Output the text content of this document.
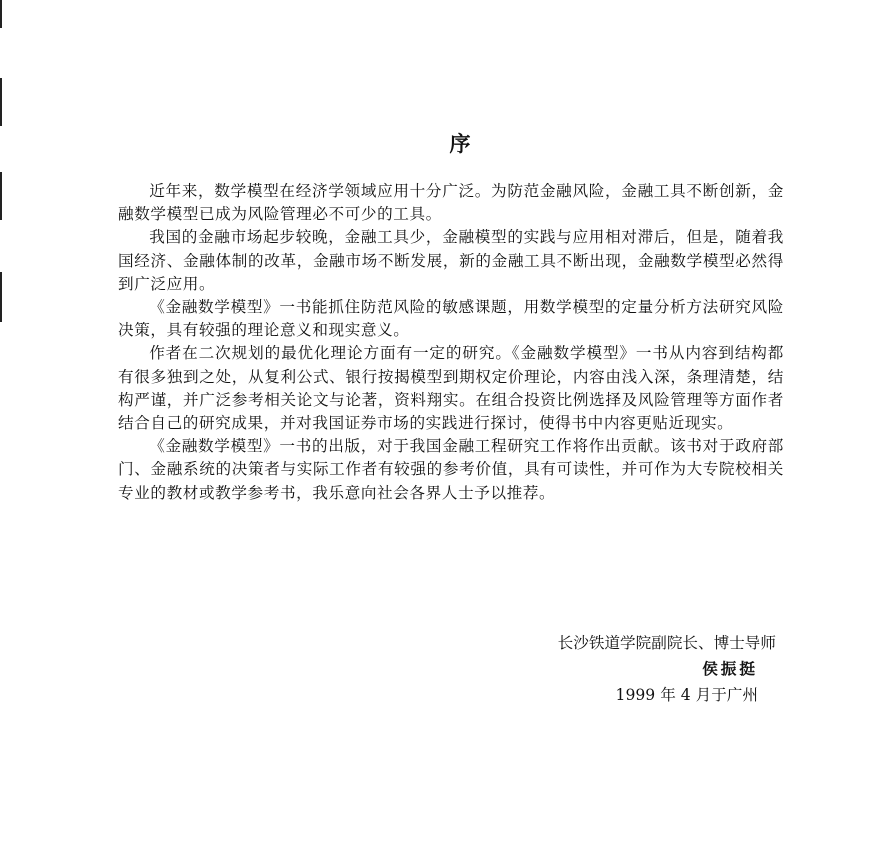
序

近年来，数学模型在经济学领域应用十分广泛。为防范金融风险，金融工具不断创新，金融数学模型已成为风险管理必不可少的工具。

我国的金融市场起步较晚，金融工具少，金融模型的实践与应用相对滞后，但是，随着我国经济、金融体制的改革，金融市场不断发展，新的金融工具不断出现，金融数学模型必然得到广泛应用。

《金融数学模型》一书能抓住防范风险的敏感课题，用数学模型的定量分析方法研究风险决策，具有较强的理论意义和现实意义。

作者在二次规划的最优化理论方面有一定的研究。《金融数学模型》一书从内容到结构都有很多独到之处，从复利公式、银行按揭模型到期权定价理论，内容由浅入深，条理清楚，结构严谨，并广泛参考相关论文与论著，资料翔实。在组合投资比例选择及风险管理等方面作者结合自己的研究成果，并对我国证券市场的实践进行探讨，使得书中内容更贴近现实。

《金融数学模型》一书的出版，对于我国金融工程研究工作将作出贡献。该书对于政府部门、金融系统的决策者与实际工作者有较强的参考价值，具有可读性，并可作为大专院校相关专业的教材或教学参考书，我乐意向社会各界人士予以推荐。

长沙铁道学院副院长、博士导师
侯振挺
1999 年 4 月于广州
